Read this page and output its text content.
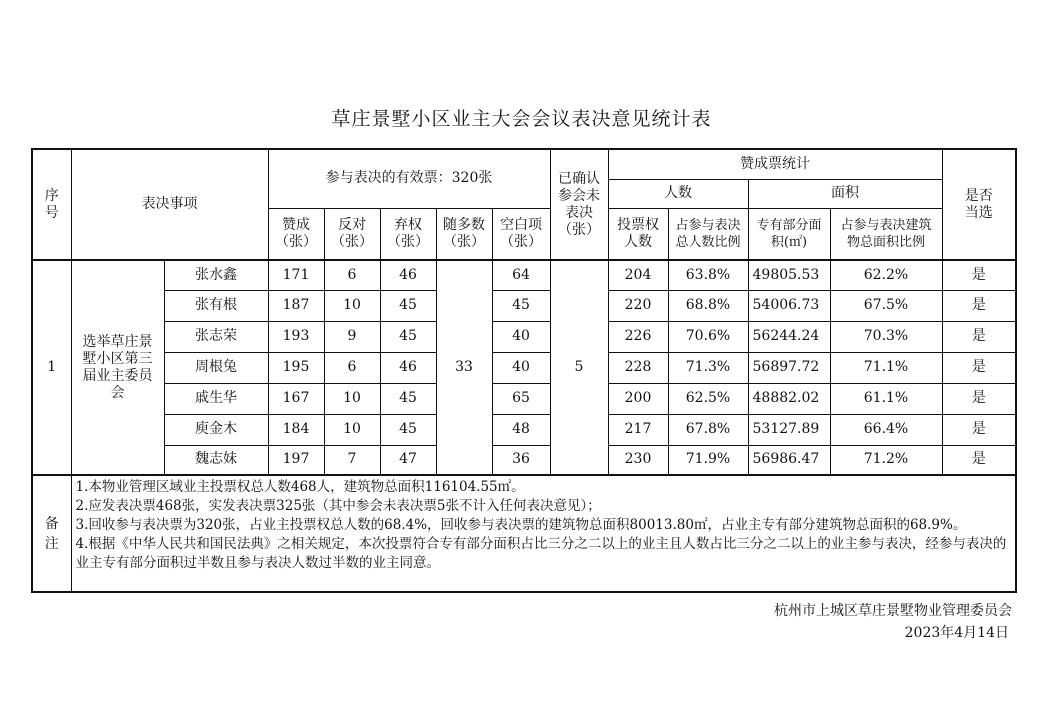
草庄景墅小区业主大会会议表决意见统计表
序号	表决事项		参与表决的有效票：320张					已确认参会未表决（张）	赞成票统计				是否当选
									人数		面积		
			赞成（张）	反对（张）	弃权（张）	随多数（张）	空白项（张）		投票权人数	占参与表决总人数比例	专有部分面积(㎡)	占参与表决建筑物总面积比例	
1	选举草庄景墅小区第三届业主委员会	张水鑫	171	6	46	33	64	5	204	63.8%	49805.53	62.2%	是
		张有根	187	10	45		45		220	68.8%	54006.73	67.5%	是
		张志荣	193	9	45		40		226	70.6%	56244.24	70.3%	是
		周根兔	195	6	46		40		228	71.3%	56897.72	71.1%	是
		戚生华	167	10	45		65		200	62.5%	48882.02	61.1%	是
		庾金木	184	10	45		48		217	67.8%	53127.89	66.4%	是
		魏志妹	197	7	47		36		230	71.9%	56986.47	71.2%	是
备注	1.本物业管理区域业主投票权总人数468人，建筑物总面积116104.55㎡。
2.应发表决票468张，实发表决票325张（其中参会未表决票5张不计入任何表决意见）；
3.回收参与表决票为320张，占业主投票权总人数的68.4%，回收参与表决票的建筑物总面积80013.80㎡，占业主专有部分建筑物总面积的68.9%。
4.根据《中华人民共和国民法典》之相关规定，本次投票符合专有部分面积占比三分之二以上的业主且人数占比三分之二以上的业主参与表决，经参与表决的业主专有部分面积过半数且参与表决人数过半数的业主同意。												
杭州市上城区草庄景墅物业管理委员会
2023年4月14日
